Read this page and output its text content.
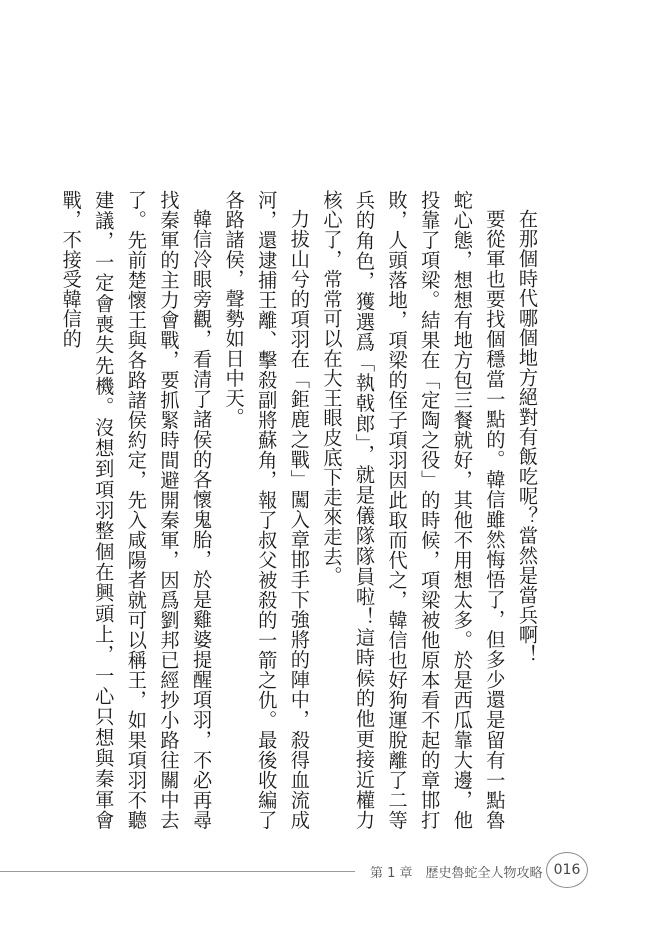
在那個時代哪個地方絕對有飯吃呢？當然是當兵啊！

要從軍也要找個穩當一點的。韓信雖然悔悟了，但多少還是留有一點魯蛇心態，想想有地方包三餐就好，其他不用想太多。於是西瓜靠大邊，他投靠了項梁。結果在「定陶之役」的時候，項梁被他原本看不起的章邯打敗，人頭落地，項梁的侄子項羽因此取而代之，韓信也好狗運脫離了二等兵的角色，獲選爲「執戟郎」，就是儀隊隊員啦！這時候的他更接近權力核心了，常常可以在大王眼皮底下走來走去。

力拔山兮的項羽在「鉅鹿之戰」闖入章邯手下強將的陣中，殺得血流成河，還逮捕王離、擊殺副將蘇角，報了叔父被殺的一箭之仇。最後收編了各路諸侯，聲勢如日中天。

韓信冷眼旁觀，看清了諸侯的各懷鬼胎，於是雞婆提醒項羽，不必再尋找秦軍的主力會戰，要抓緊時間避開秦軍，因爲劉邦已經抄小路往關中去了。先前楚懷王與各路諸侯約定，先入咸陽者就可以稱王，如果項羽不聽建議，一定會喪失先機。沒想到項羽整個在興頭上，一心只想與秦軍會戰，不接受韓信的

第 1 章　歷史魯蛇全人物攻略 016
